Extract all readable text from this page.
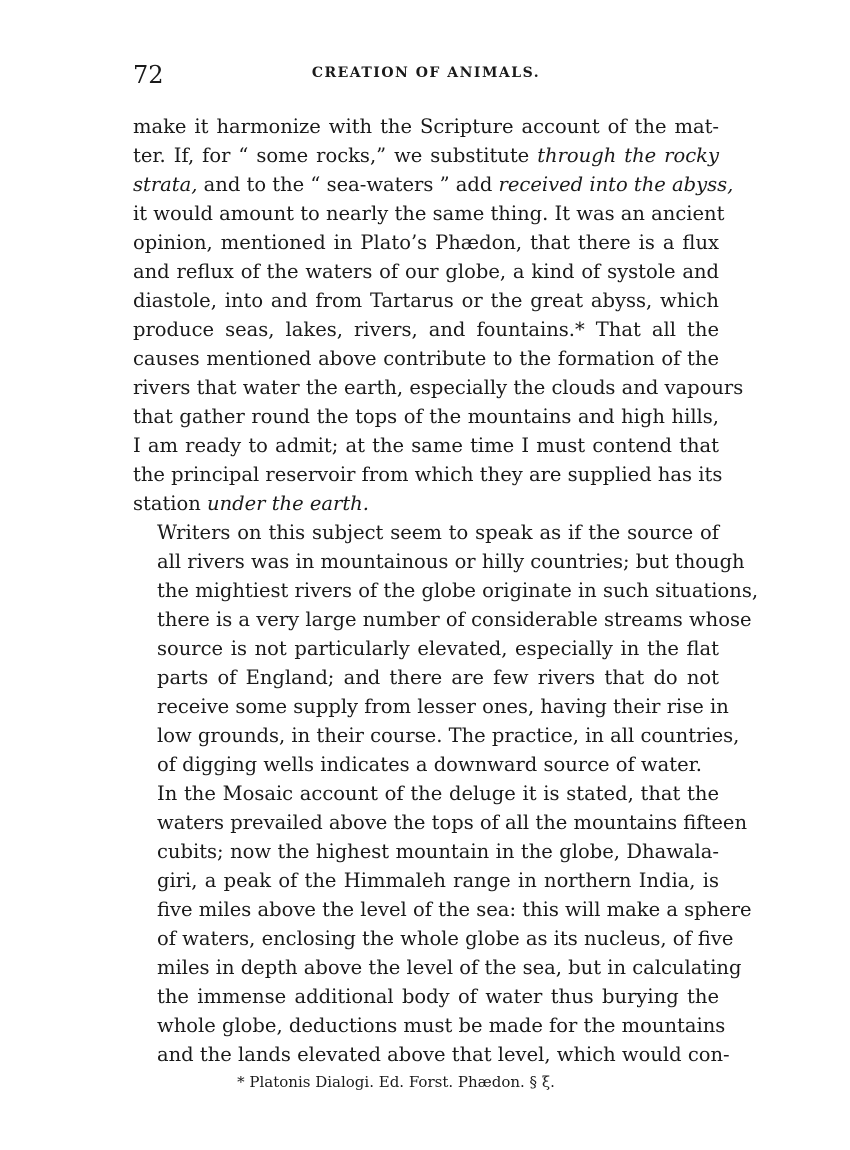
72	CREATION OF ANIMALS.

make it harmonize with the Scripture account of the mat-
ter. If, for “ some rocks,” we substitute through the rocky
strata, and to the “ sea-waters ” add received into the abyss,
it would amount to nearly the same thing. It was an ancient
opinion, mentioned in Plato’s Phædon, that there is a flux
and reflux of the waters of our globe, a kind of systole and
diastole, into and from Tartarus or the great abyss, which
produce seas, lakes, rivers, and fountains.* That all the
causes mentioned above contribute to the formation of the
rivers that water the earth, especially the clouds and vapours
that gather round the tops of the mountains and high hills,
I am ready to admit; at the same time I must contend that
the principal reservoir from which they are supplied has its
station under the earth.

Writers on this subject seem to speak as if the source of
all rivers was in mountainous or hilly countries; but though
the mightiest rivers of the globe originate in such situations,
there is a very large number of considerable streams whose
source is not particularly elevated, especially in the flat
parts of England; and there are few rivers that do not
receive some supply from lesser ones, having their rise in
low grounds, in their course. The practice, in all countries,
of digging wells indicates a downward source of water.

In the Mosaic account of the deluge it is stated, that the
waters prevailed above the tops of all the mountains fifteen
cubits; now the highest mountain in the globe, Dhawala-
giri, a peak of the Himmaleh range in northern India, is
five miles above the level of the sea: this will make a sphere
of waters, enclosing the whole globe as its nucleus, of five
miles in depth above the level of the sea, but in calculating
the immense additional body of water thus burying the
whole globe, deductions must be made for the mountains
and the lands elevated above that level, which would con-

* Platonis Dialogi. Ed. Forst. Phædon. § ξ.
